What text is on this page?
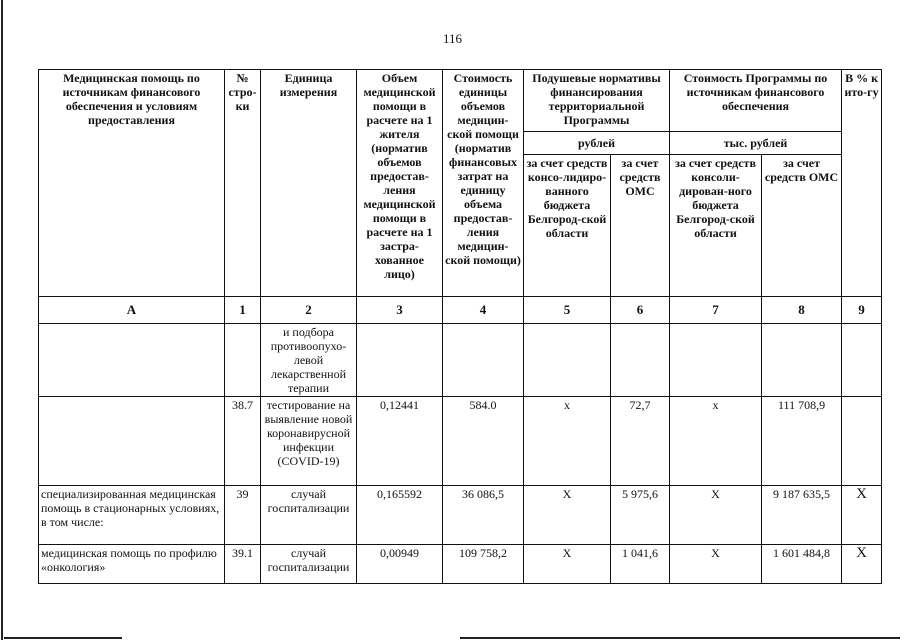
116
Медицинская помощь по источникам финансового обеспечения и условиям предоставления	№ стро-ки	Единица измерения	Объем медицинской помощи в расчете на 1 жителя (норматив объемов предостав-ления медицинской помощи в расчете на 1 застра-хованное лицо)	Стоимость единицы объемов медицин-ской помощи (норматив финансовых затрат на единицу объема предостав-ления медицин-ской помощи)	Подушевые нормативы финансирования территориальной Программы		Стоимость Программы по источникам финансового обеспечения		В % к ито-гу
					рублей		тыс. рублей		
					за счет средств консо-лидиро-ванного бюджета Белгород-ской области	за счет средств ОМС	за счет средств консоли-дирован-ного бюджета Белгород-ской области	за счет средств ОМС	
А	1	2	3	4	5	6	7	8	9
		и подбора противоопухо-левой лекарственной терапии							
	38.7	тестирование на выявление новой коронавирусной инфекции (COVID-19)	0,12441	584.0	х	72,7	х	111 708,9	
специализированная медицинская помощь в стационарных условиях, в том числе:	39	случай госпитализации	0,165592	36 086,5	Х	5 975,6	Х	9 187 635,5	Х
медицинская помощь по профилю «онкология»	39.1	случай госпитализации	0,00949	109 758,2	Х	1 041,6	Х	1 601 484,8	Х
